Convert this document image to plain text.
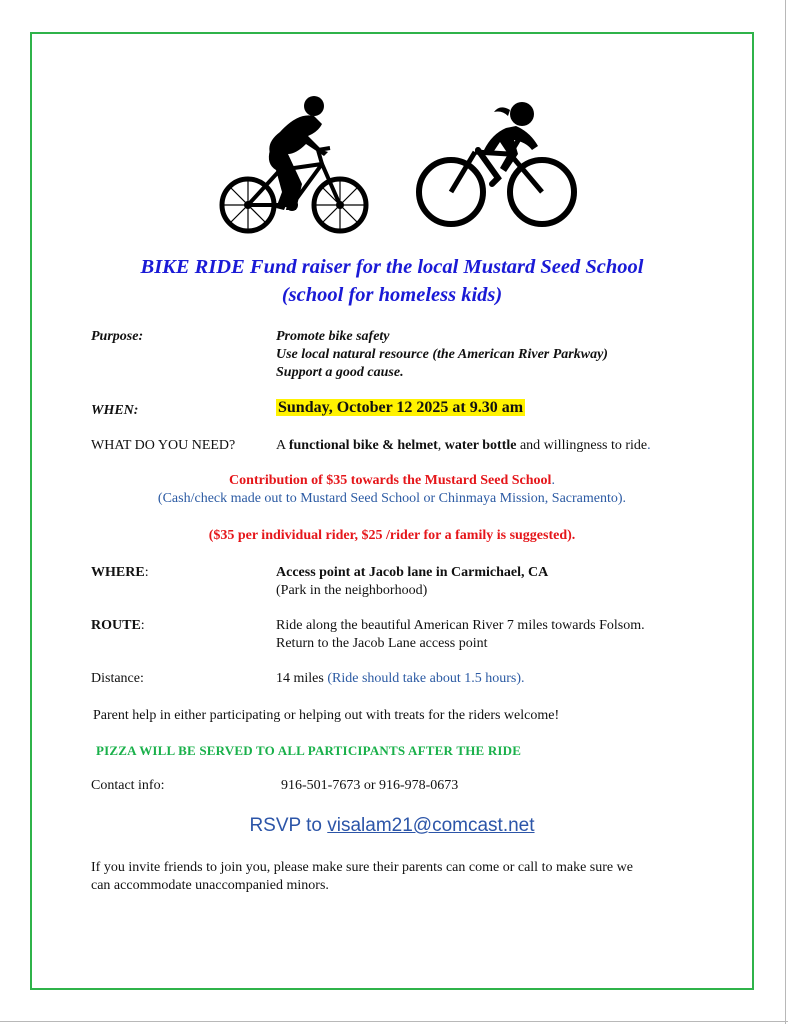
BIKE RIDE Fund raiser for the local Mustard Seed School
(school for homeless kids)
Purpose:	Promote bike safety
Use local natural resource (the American River Parkway)
Support a good cause.
WHEN:	Sunday, October 12 2025 at 9.30 am
WHAT DO YOU NEED?	A functional bike & helmet, water bottle and willingness to ride.
Contribution of $35 towards the Mustard Seed School.
(Cash/check made out to Mustard Seed School or Chinmaya Mission, Sacramento).
($35 per individual rider, $25 /rider for a family is suggested).
WHERE:	Access point at Jacob lane in Carmichael, CA
(Park in the neighborhood)
ROUTE:	Ride along the beautiful American River 7 miles towards Folsom.
Return to the Jacob Lane access point
Distance:	14 miles (Ride should take about 1.5 hours).
Parent help in either participating or helping out with treats for the riders welcome!
PIZZA WILL BE SERVED TO ALL PARTICIPANTS AFTER THE RIDE
Contact info:	916-501-7673 or 916-978-0673
RSVP to visalam21@comcast.net
If you invite friends to join you, please make sure their parents can come or call to make sure we
can accommodate unaccompanied minors.
